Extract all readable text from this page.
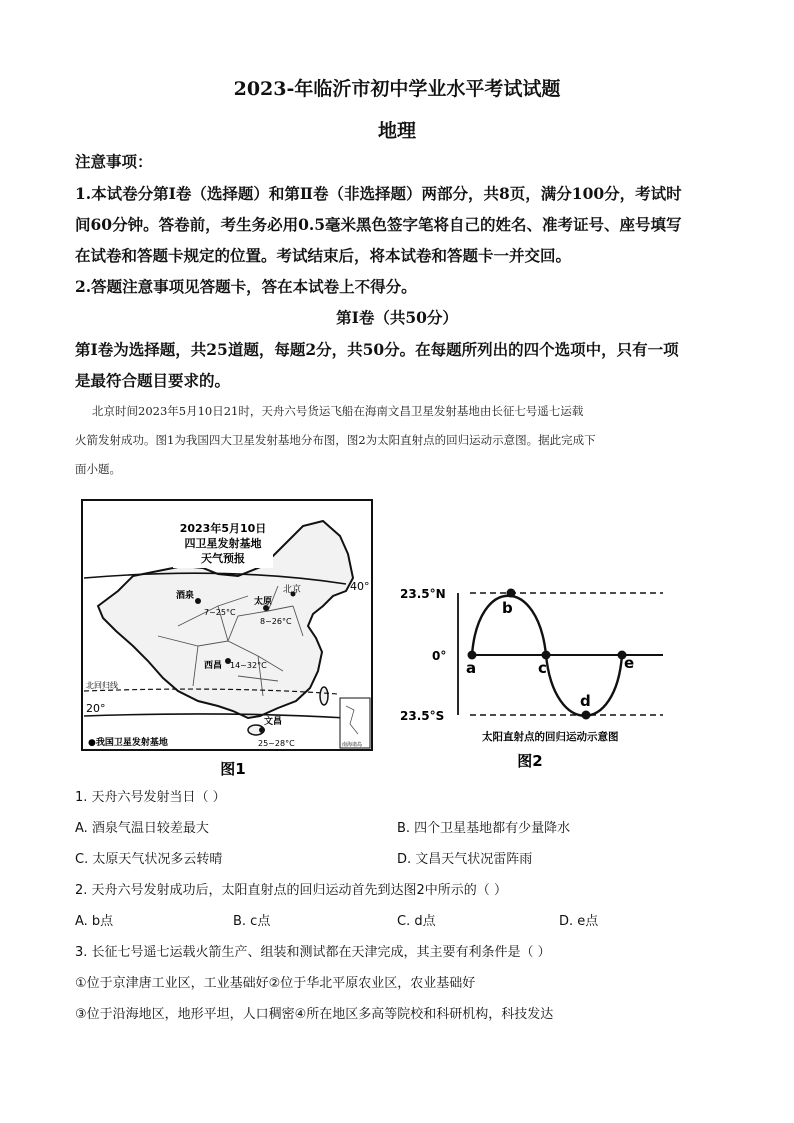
2023-年临沂市初中学业水平考试试题
地理
注意事项：
1.本试卷分第Ⅰ卷（选择题）和第Ⅱ卷（非选择题）两部分，共8页，满分100分，考试时
间60分钟。答卷前，考生务必用0.5毫米黑色签字笔将自己的姓名、准考证号、座号填写
在试卷和答题卡规定的位置。考试结束后，将本试卷和答题卡一并交回。
2.答题注意事项见答题卡，答在本试卷上不得分。
第Ⅰ卷（共50分）
第Ⅰ卷为选择题，共25道题，每题2分，共50分。在每题所列出的四个选项中，只有一项
是最符合题目要求的。
北京时间2023年5月10日21时，天舟六号货运飞船在海南文昌卫星发射基地由长征七号遥七运载
火箭发射成功。图1为我国四大卫星发射基地分布图，图2为太阳直射点的回归运动示意图。据此完成下
面小题。
2023年5月10日
四卫星发射基地
天气预报
北京
酒泉
7~25°C
太原
8~26°C
西昌 14~32°C
文昌
25~28°C
40°
20°
北回归线
南海诸岛
●我国卫星发射基地
图1
23.5°N
0°
23.5°S
a
b
c
d
e
太阳直射点的回归运动示意图
图2
1. 天舟六号发射当日（ ）
A. 酒泉气温日较差最大	B. 四个卫星基地都有少量降水
C. 太原天气状况多云转晴	D. 文昌天气状况雷阵雨
2. 天舟六号发射成功后，太阳直射点的回归运动首先到达图2中所示的（ ）
A. b点	B. c点	C. d点	D. e点
3. 长征七号遥七运载火箭生产、组装和测试都在天津完成，其主要有利条件是（ ）
①位于京津唐工业区，工业基础好②位于华北平原农业区，农业基础好
③位于沿海地区，地形平坦，人口稠密④所在地区多高等院校和科研机构，科技发达
